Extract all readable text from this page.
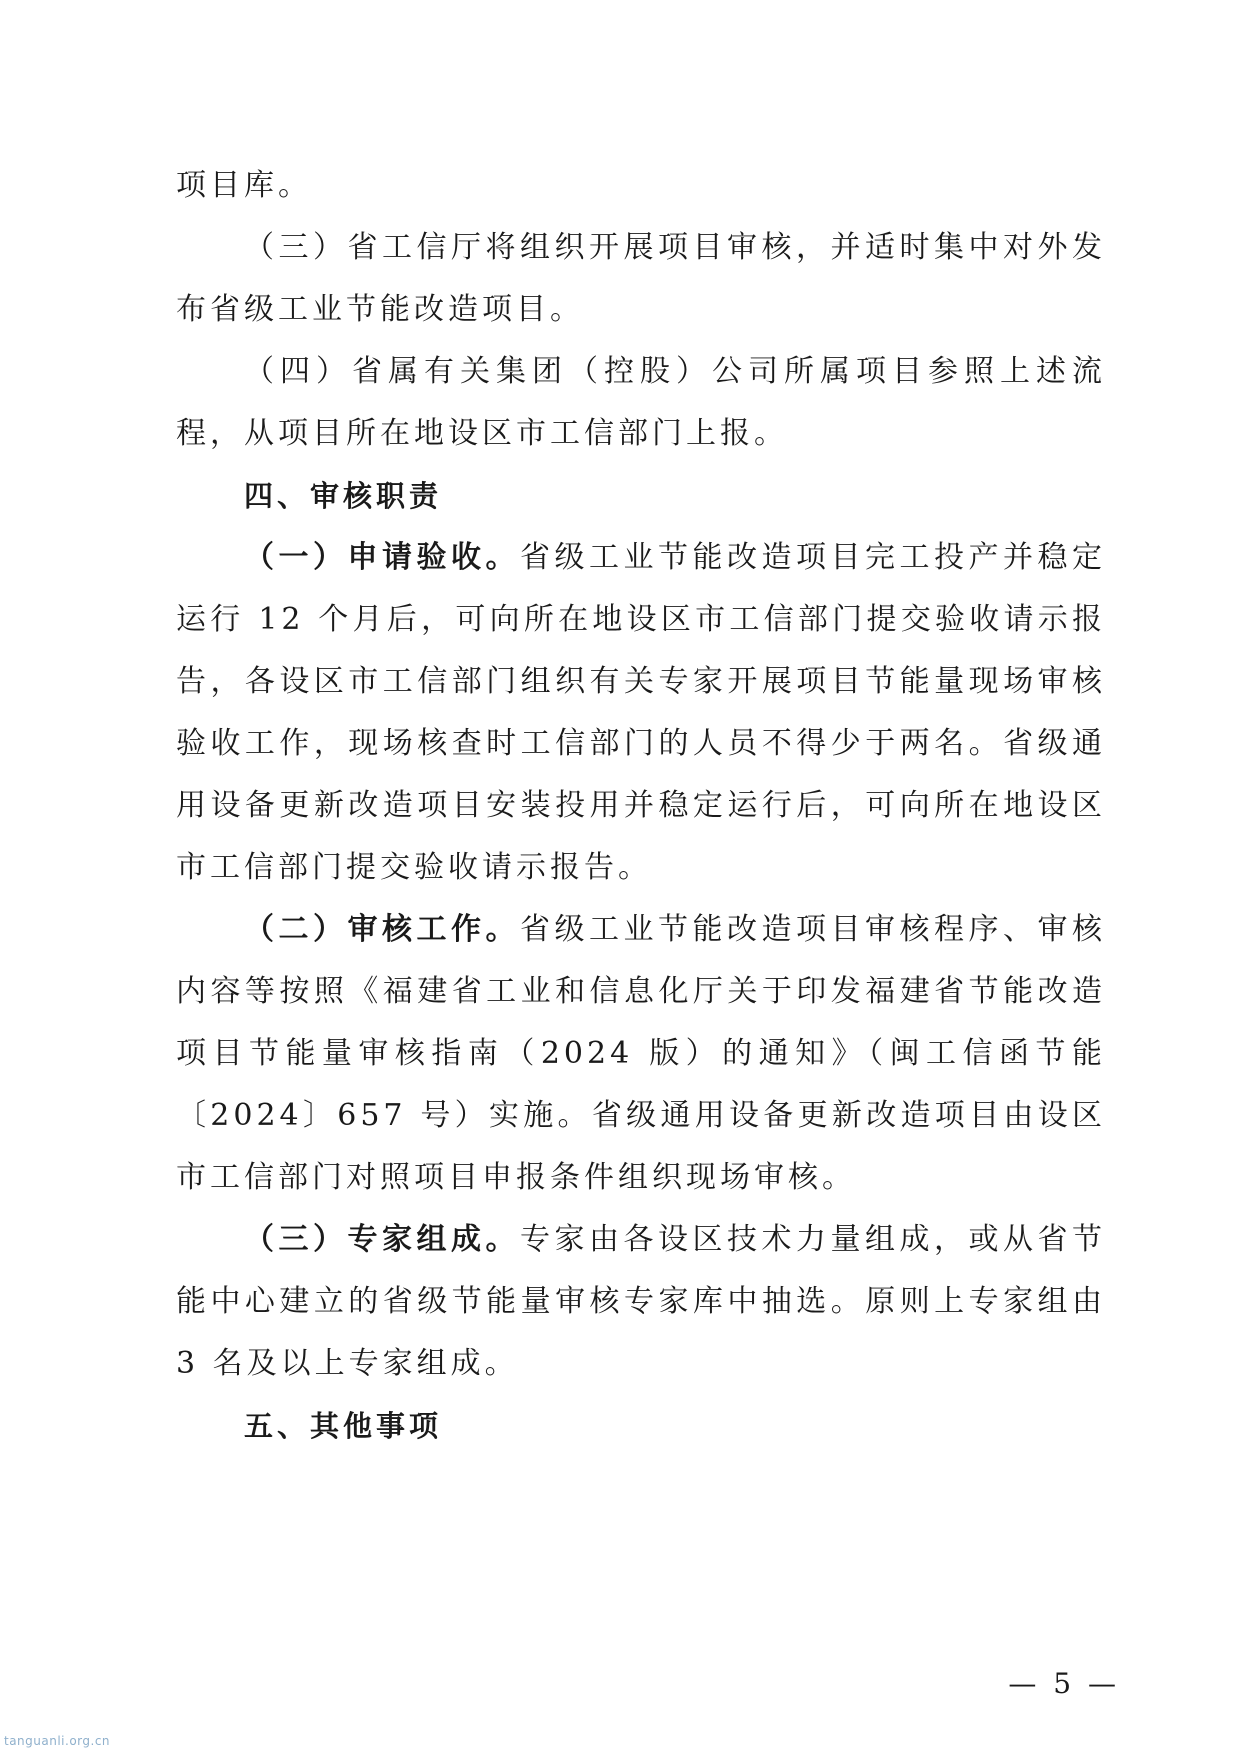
项目库。

（三）省工信厅将组织开展项目审核，并适时集中对外发布省级工业节能改造项目。

（四）省属有关集团（控股）公司所属项目参照上述流程，从项目所在地设区市工信部门上报。

四、审核职责

（一）申请验收。省级工业节能改造项目完工投产并稳定运行 12 个月后，可向所在地设区市工信部门提交验收请示报告，各设区市工信部门组织有关专家开展项目节能量现场审核验收工作，现场核查时工信部门的人员不得少于两名。省级通用设备更新改造项目安装投用并稳定运行后，可向所在地设区市工信部门提交验收请示报告。

（二）审核工作。省级工业节能改造项目审核程序、审核内容等按照《福建省工业和信息化厅关于印发福建省节能改造项目节能量审核指南（2024 版）的通知》（闽工信函节能〔2024〕657 号）实施。省级通用设备更新改造项目由设区市工信部门对照项目申报条件组织现场审核。

（三）专家组成。专家由各设区技术力量组成，或从省节能中心建立的省级节能量审核专家库中抽选。原则上专家组由 3 名及以上专家组成。

五、其他事项

— 5 —
tanguanli.org.cn
